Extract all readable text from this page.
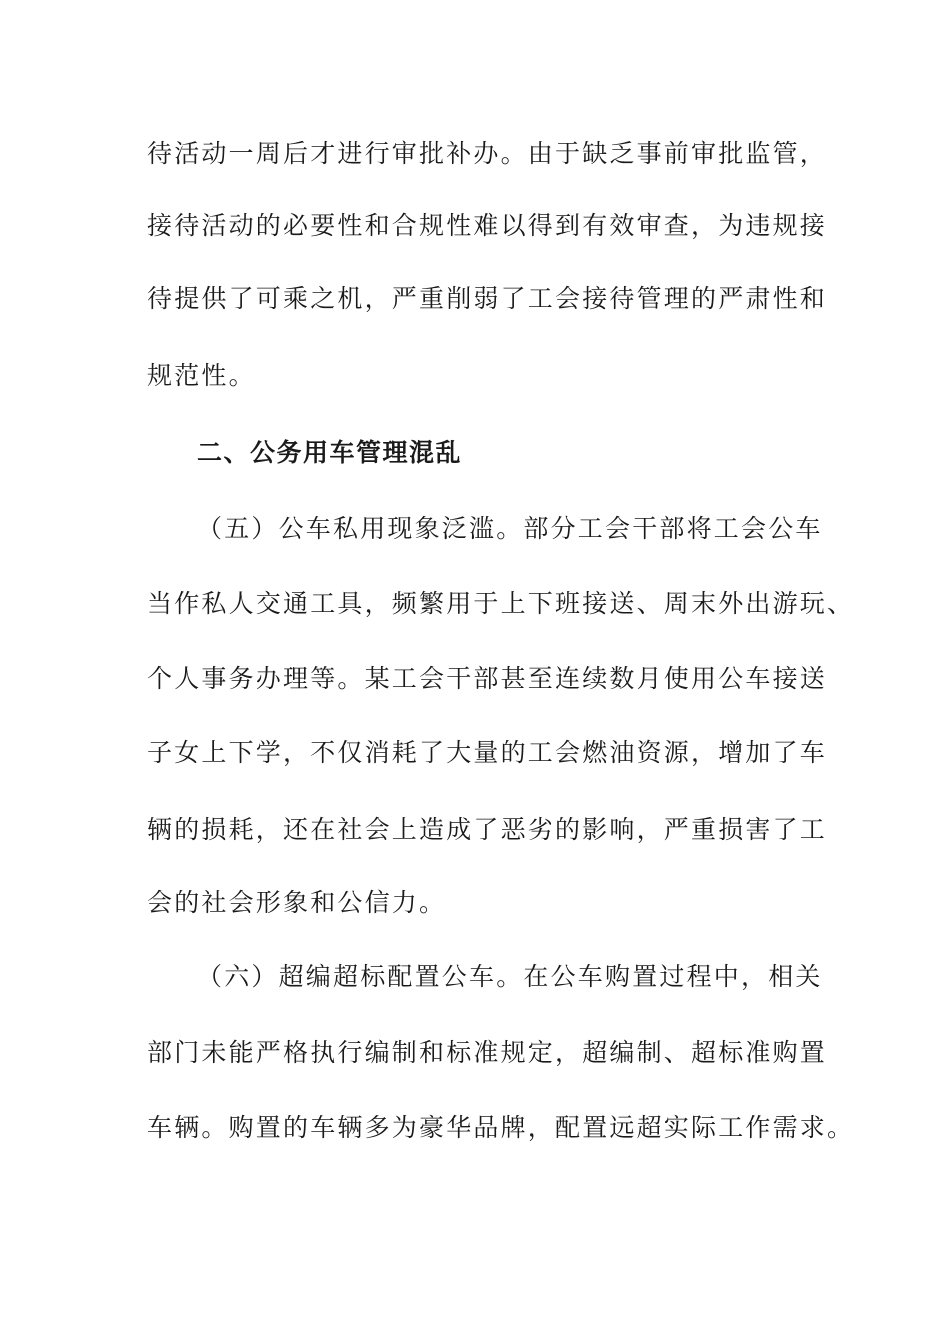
待活动一周后才进行审批补办。由于缺乏事前审批监管，
接待活动的必要性和合规性难以得到有效审查，为违规接
待提供了可乘之机，严重削弱了工会接待管理的严肃性和
规范性。
二、公务用车管理混乱
（五）公车私用现象泛滥。部分工会干部将工会公车
当作私人交通工具，频繁用于上下班接送、周末外出游玩、
个人事务办理等。某工会干部甚至连续数月使用公车接送
子女上下学，不仅消耗了大量的工会燃油资源，增加了车
辆的损耗，还在社会上造成了恶劣的影响，严重损害了工
会的社会形象和公信力。
（六）超编超标配置公车。在公车购置过程中，相关
部门未能严格执行编制和标准规定，超编制、超标准购置
车辆。购置的车辆多为豪华品牌，配置远超实际工作需求。
